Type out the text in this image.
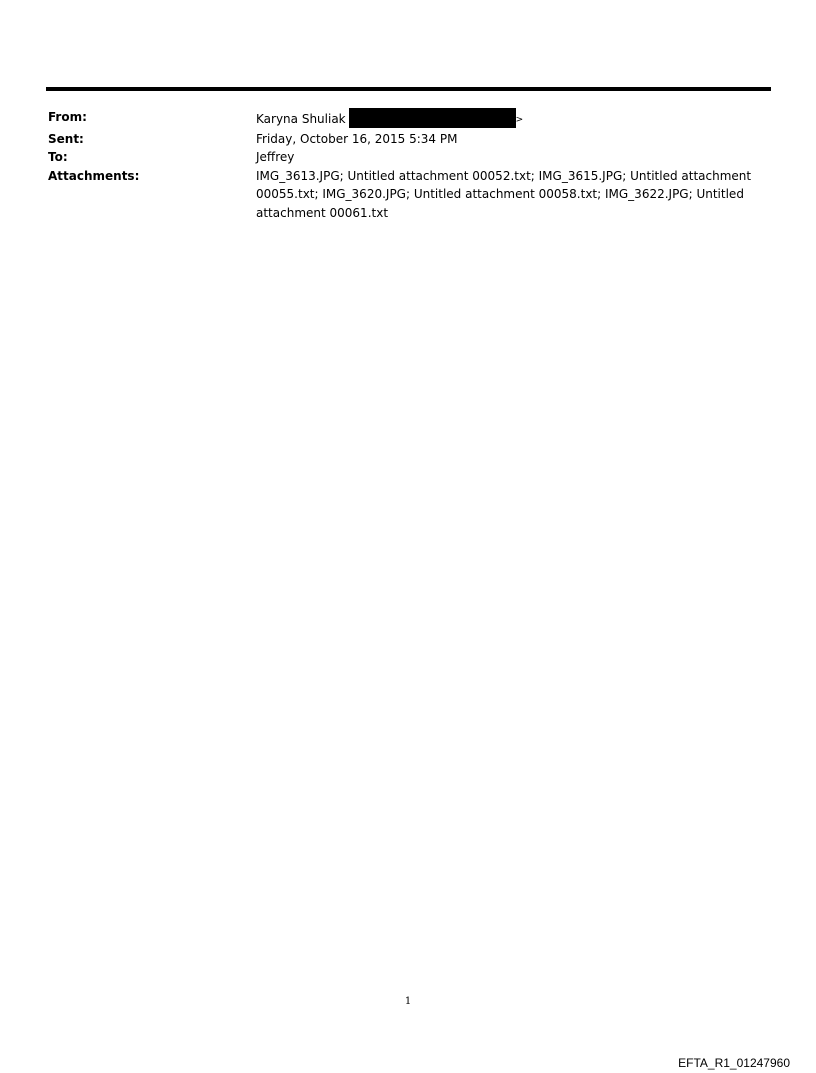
From:	Karyna Shuliak	>
Sent:	Friday, October 16, 2015 5:34 PM
To:	Jeffrey
Attachments:	IMG_3613.JPG; Untitled attachment 00052.txt; IMG_3615.JPG; Untitled attachment 00055.txt; IMG_3620.JPG; Untitled attachment 00058.txt; IMG_3622.JPG; Untitled attachment 00061.txt
1
EFTA_R1_01247960
